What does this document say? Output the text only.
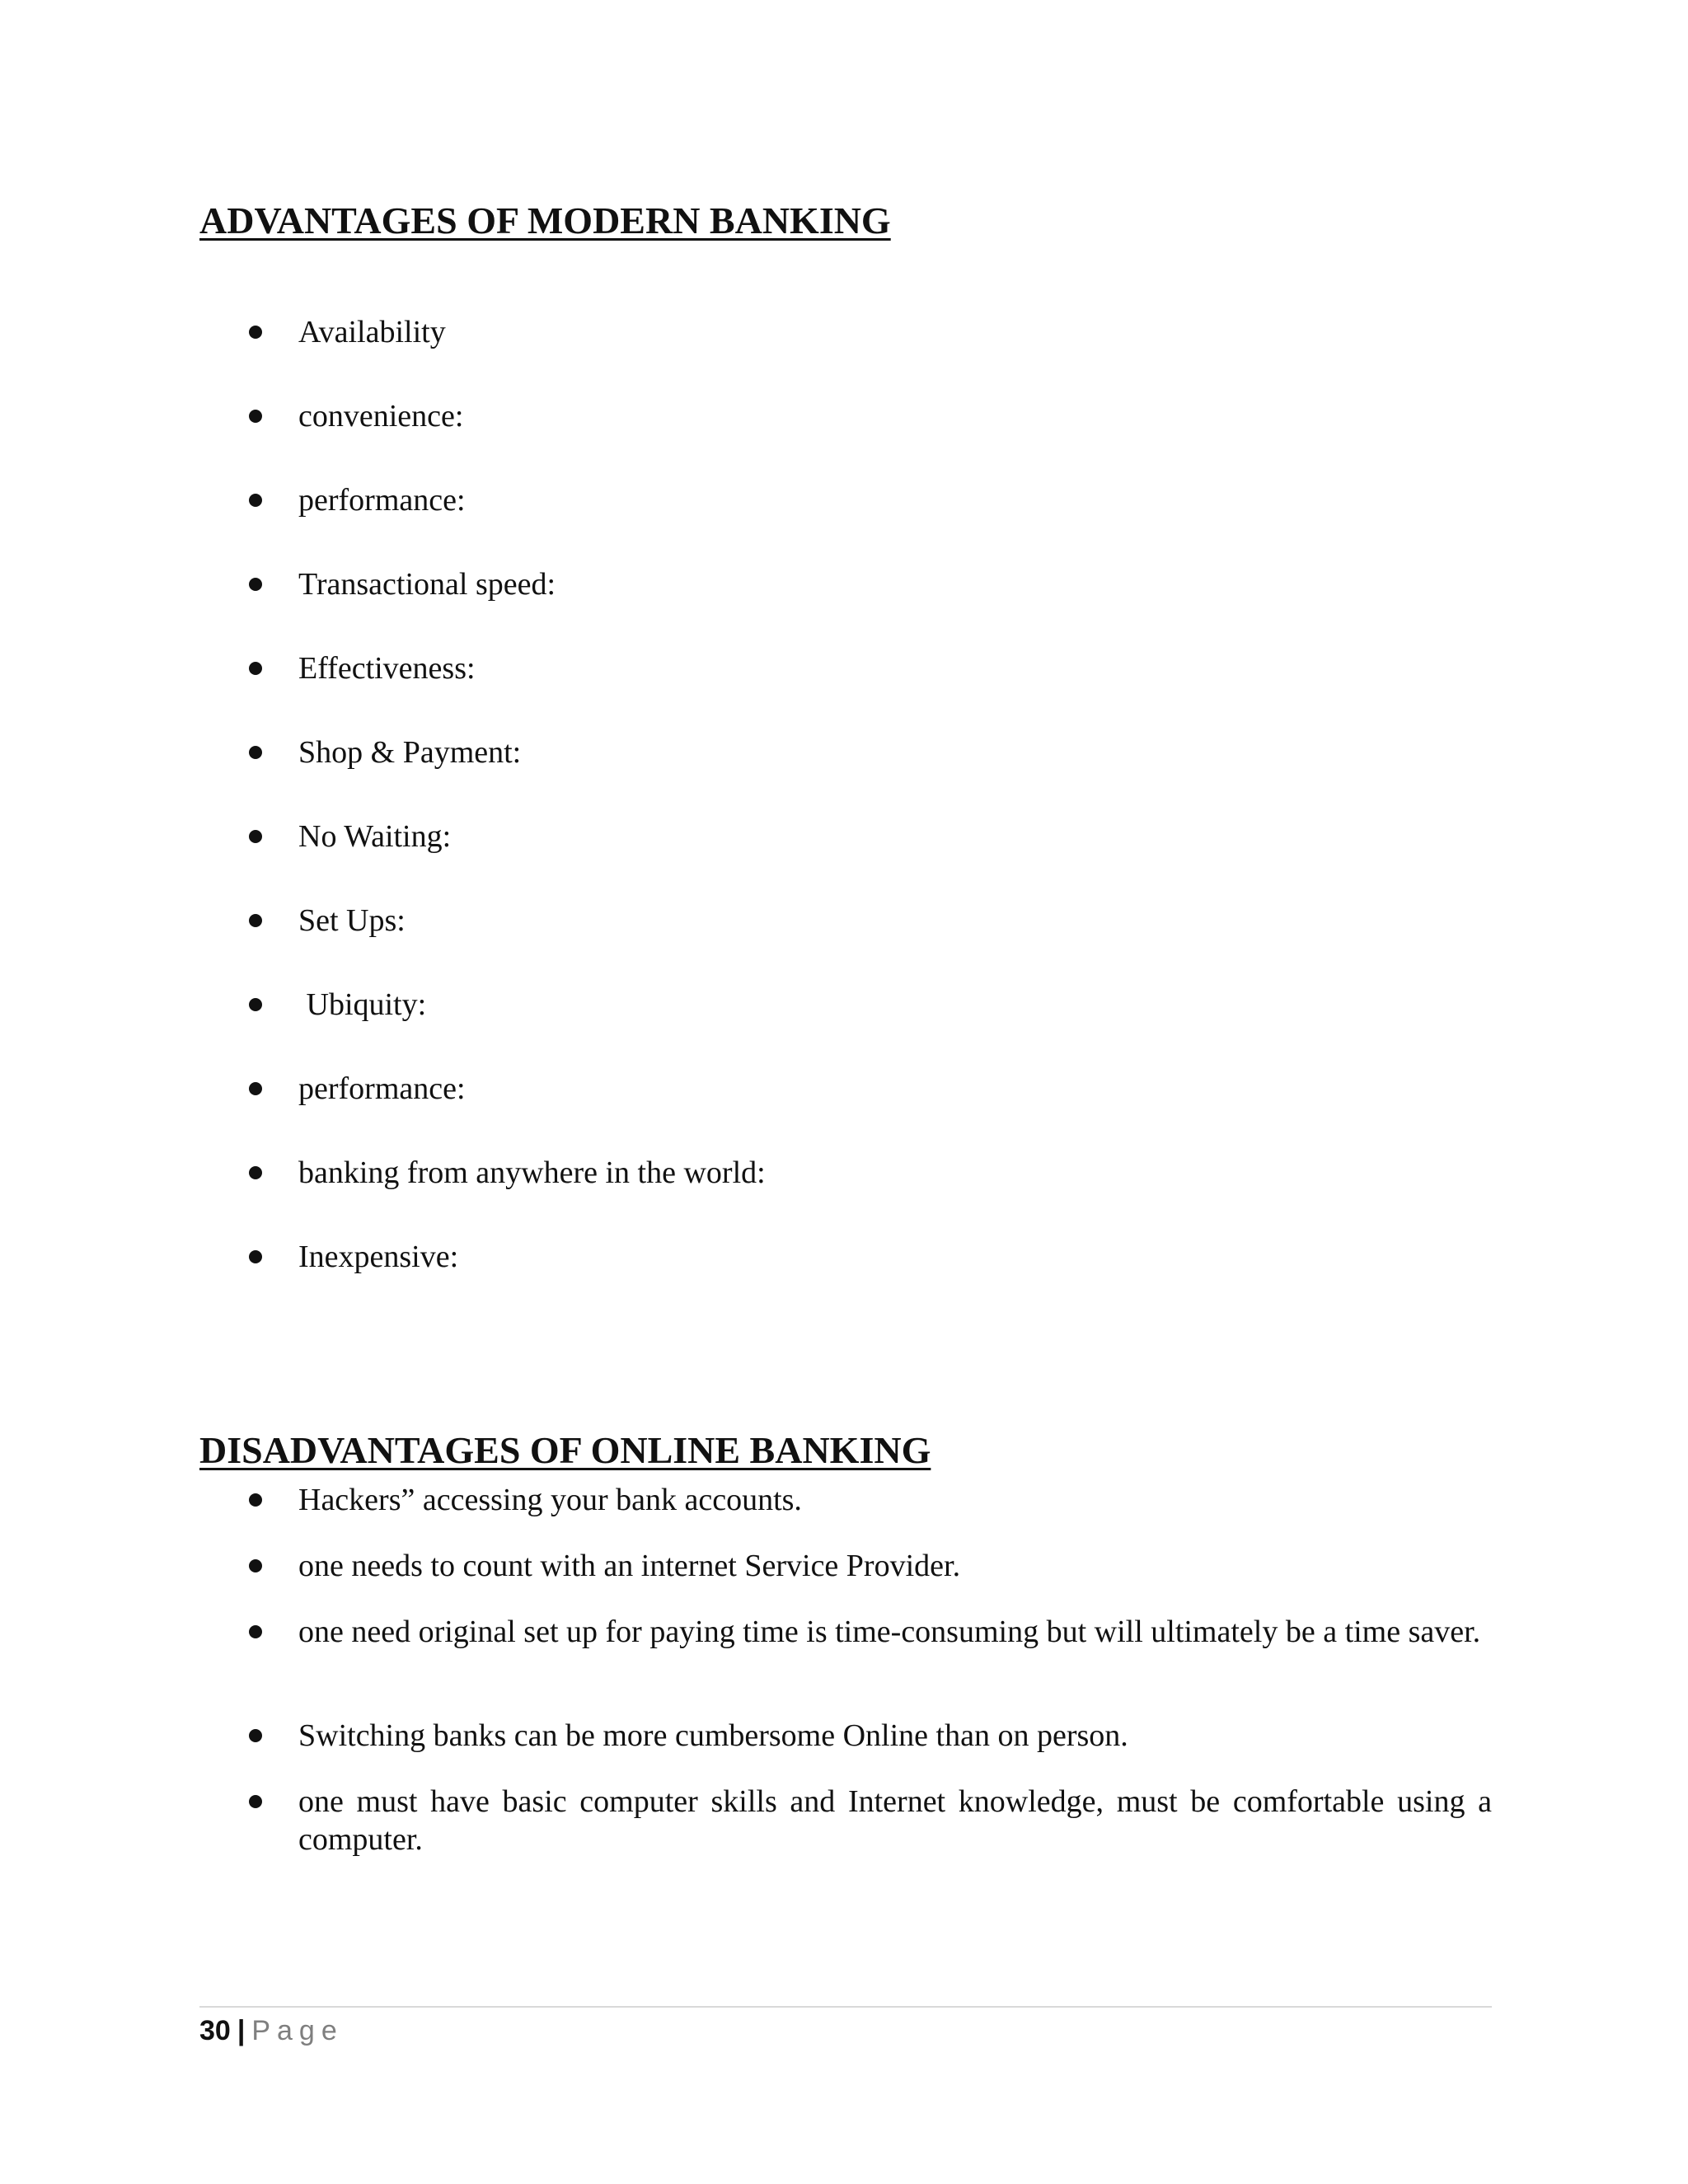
ADVANTAGES OF MODERN BANKING
Availability
convenience:
performance:
Transactional speed:
Effectiveness:
Shop & Payment:
No Waiting:
Set Ups:
Ubiquity:
performance:
banking from anywhere in the world:
Inexpensive:
DISADVANTAGES OF ONLINE BANKING
Hackers” accessing your bank accounts.
one needs to count with an internet Service Provider.
one need original set up for paying time is time-consuming but will ultimately be a time saver.
Switching banks can be more cumbersome Online than on person.
one must have basic computer skills and Internet knowledge, must be comfortable using a computer.
30 | Page
